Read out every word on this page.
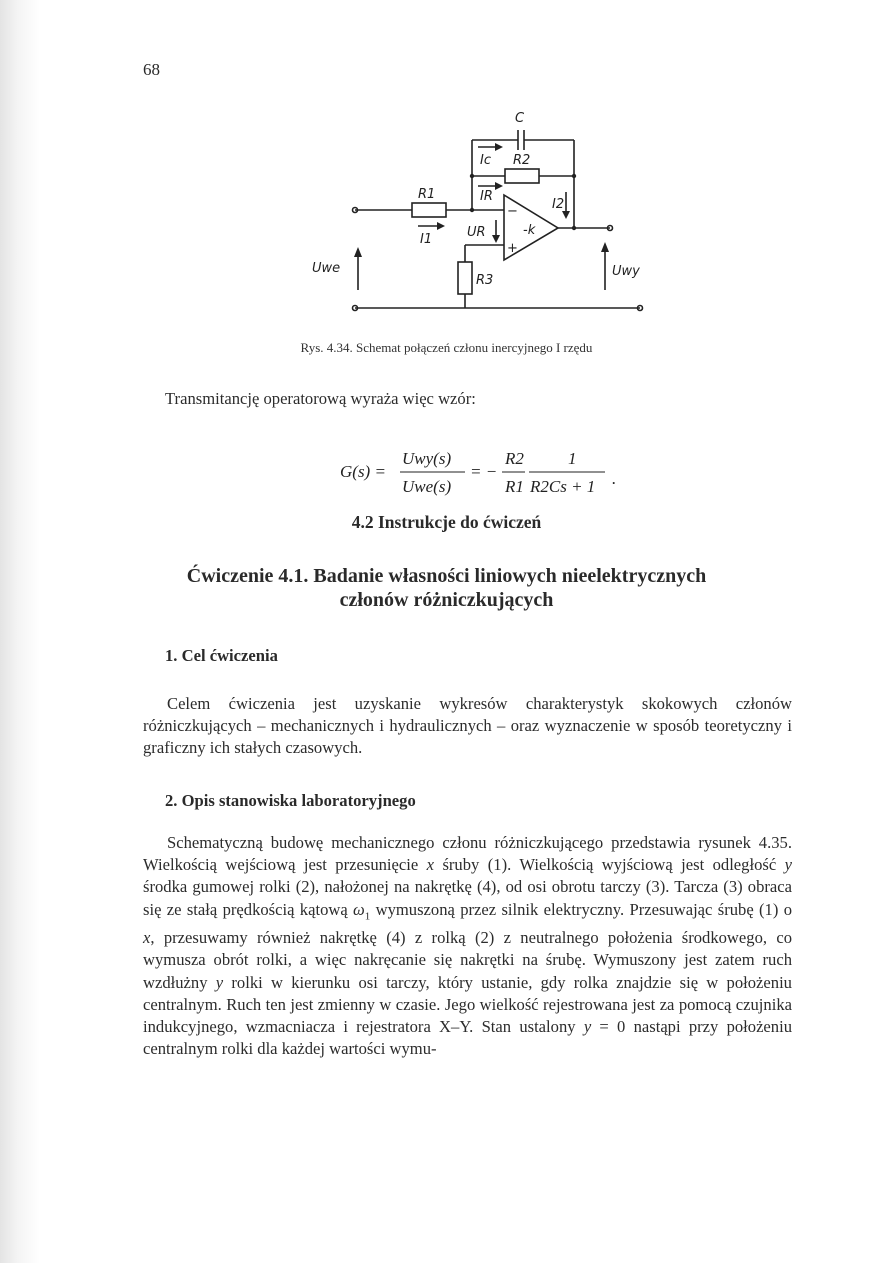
68
C
Ic R2
IR
I2
R1
I1	UR	-k
−
+
R3
Uwe	Uwy
Rys. 4.34. Schemat połączeń członu inercyjnego I rzędu
Transmitancję operatorową wyraża więc wzór:
G(s) =
Uwy(s)
Uwe(s)
= −
R2
R1
1
R2Cs + 1 .
4.2 Instrukcje do ćwiczeń
Ćwiczenie 4.1. Badanie własności liniowych nieelektrycznych
członów różniczkujących
1. Cel ćwiczenia
Celem ćwiczenia jest uzyskanie wykresów charakterystyk skokowych członów różniczkujących – mechanicznych i hydraulicznych – oraz wyznaczenie w sposób teoretyczny i graficzny ich stałych czasowych.
2. Opis stanowiska laboratoryjnego
Schematyczną budowę mechanicznego członu różniczkującego przedstawia rysunek 4.35. Wielkością wejściową jest przesunięcie x śruby (1). Wielkością wyjściową jest odległość y środka gumowej rolki (2), nałożonej na nakrętkę (4), od osi obrotu tarczy (3). Tarcza (3) obraca się ze stałą prędkością kątową $\omega_1$ wymuszoną przez silnik elektryczny. Przesuwając śrubę (1) o x, przesuwamy również nakrętkę (4) z rolką (2) z neutralnego położenia środkowego, co wymusza obrót rolki, a więc nakręcanie się nakrętki na śrubę. Wymuszony jest zatem ruch wzdłużny y rolki w kierunku osi tarczy, który ustanie, gdy rolka znajdzie się w położeniu centralnym. Ruch ten jest zmienny w czasie. Jego wielkość rejestrowana jest za pomocą czujnika indukcyjnego, wzmacniacza i rejestratora X–Y. Stan ustalony y = 0 nastąpi przy położeniu centralnym rolki dla każdej wartości wymu-
